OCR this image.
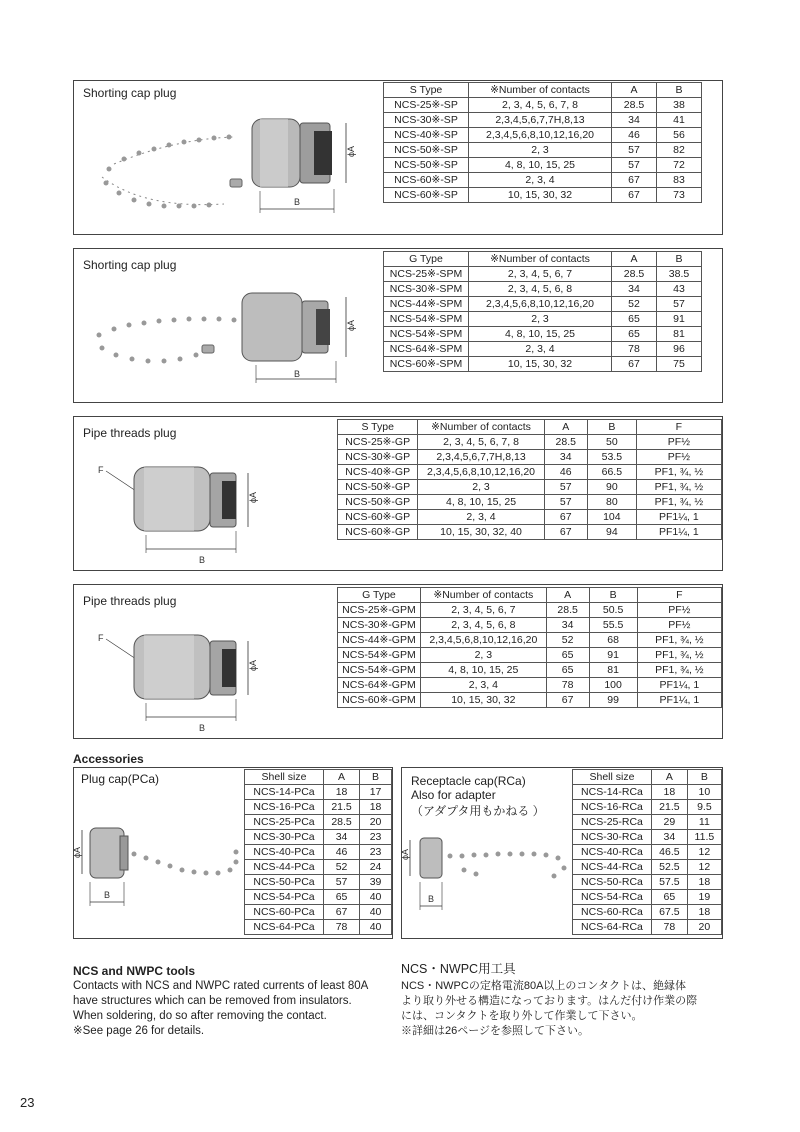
Shorting cap plug	S Type	※Number of contacts	A	B
NCS-25※-SP	2, 3, 4, 5, 6, 7, 8	28.5	38
NCS-30※-SP	2,3,4,5,6,7,7H,8,13	34	41
NCS-40※-SP	2,3,4,5,6,8,10,12,16,20	46	56
NCS-50※-SP	2, 3	57	82
NCS-50※-SP	4, 8, 10, 15, 25	57	72
NCS-60※-SP	2, 3, 4	67	83
NCS-60※-SP	10, 15, 30, 32	67	73
B
ϕA
Shorting cap plug	G Type	※Number of contacts	A	B
NCS-25※-SPM	2, 3, 4, 5, 6, 7	28.5	38.5
NCS-30※-SPM	2, 3, 4, 5, 6, 8	34	43
NCS-44※-SPM	2,3,4,5,6,8,10,12,16,20	52	57
NCS-54※-SPM	2, 3	65	91
NCS-54※-SPM	4, 8, 10, 15, 25	65	81
NCS-64※-SPM	2, 3, 4	78	96
NCS-60※-SPM	10, 15, 30, 32	67	75
B
ϕA
Pipe threads plug	S Type	※Number of contacts	A	B	F
NCS-25※-GP	2, 3, 4, 5, 6, 7, 8	28.5	50	PF½
NCS-30※-GP	2,3,4,5,6,7,7H,8,13	34	53.5	PF½
NCS-40※-GP	2,3,4,5,6,8,10,12,16,20	46	66.5	PF1, ¾, ½
NCS-50※-GP	2, 3	57	90	PF1, ¾, ½
NCS-50※-GP	4, 8, 10, 15, 25	57	80	PF1, ¾, ½
NCS-60※-GP	2, 3, 4	67	104	PF1¼, 1
NCS-60※-GP	10, 15, 30, 32, 40	67	94	PF1¼, 1
F
B
ϕA
Pipe threads plug	G Type	※Number of contacts	A	B	F
NCS-25※-GPM	2, 3, 4, 5, 6, 7	28.5	50.5	PF½
NCS-30※-GPM	2, 3, 4, 5, 6, 8	34	55.5	PF½
NCS-44※-GPM	2,3,4,5,6,8,10,12,16,20	52	68	PF1, ¾, ½
NCS-54※-GPM	2, 3	65	91	PF1, ¾, ½
NCS-54※-GPM	4, 8, 10, 15, 25	65	81	PF1, ¾, ½
NCS-64※-GPM	2, 3, 4	78	100	PF1¼, 1
NCS-60※-GPM	10, 15, 30, 32	67	99	PF1¼, 1
F
B
ϕA
Accessories
Plug cap(PCa)	Shell size	A	B
NCS-14-PCa	18	17
NCS-16-PCa	21.5	18
NCS-25-PCa	28.5	20
NCS-30-PCa	34	23
NCS-40-PCa	46	23
NCS-44-PCa	52	24
NCS-50-PCa	57	39
NCS-54-PCa	65	40
NCS-60-PCa	67	40
NCS-64-PCa	78	40
ϕA
B
Receptacle cap(RCa)
Also for adapter
（アダプタ用もかねる ）
Shell size	A	B
NCS-14-RCa	18	10
NCS-16-RCa	21.5	9.5
NCS-25-RCa	29	11
NCS-30-RCa	34	11.5
NCS-40-RCa	46.5	12
NCS-44-RCa	52.5	12
NCS-50-RCa	57.5	18
NCS-54-RCa	65	19
NCS-60-RCa	67.5	18
NCS-64-RCa	78	20
ϕA
B
NCS and NWPC tools
Contacts with NCS and NWPC rated currents of least 80A
have structures which can be removed from insulators.
When soldering, do so after removing the contact.
※See page 26 for details.
NCS・NWPC用工具
NCS・NWPCの定格電流80A以上のコンタクトは、絶縁体
より取り外せる構造になっております。はんだ付け作業の際
には、コンタクトを取り外して作業して下さい。
※詳細は26ページを参照して下さい。
23
